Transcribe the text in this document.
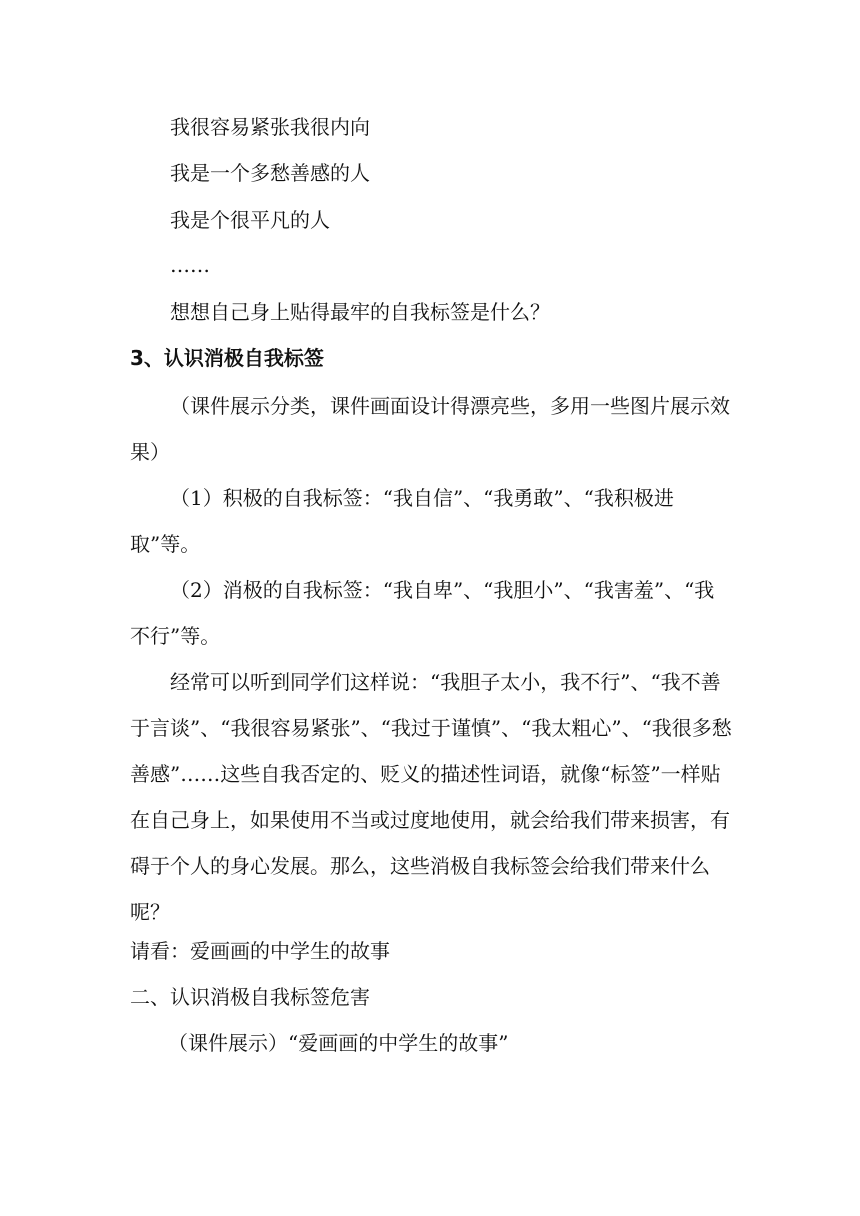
我很容易紧张我很内向
我是一个多愁善感的人
我是个很平凡的人
……
想想自己身上贴得最牢的自我标签是什么？
3、认识消极自我标签
（课件展示分类，课件画面设计得漂亮些，多用一些图片展示效果）
（1）积极的自我标签：“我自信”、“我勇敢”、“我积极进取”等。
（2）消极的自我标签：“我自卑”、“我胆小”、“我害羞”、“我不行”等。
经常可以听到同学们这样说：“我胆子太小，我不行”、“我不善于言谈”、“我很容易紧张”、“我过于谨慎”、“我太粗心”、“我很多愁善感”……这些自我否定的、贬义的描述性词语，就像“标签”一样贴在自己身上，如果使用不当或过度地使用，就会给我们带来损害，有碍于个人的身心发展。那么，这些消极自我标签会给我们带来什么呢？
请看：爱画画的中学生的故事
二、认识消极自我标签危害
（课件展示）“爱画画的中学生的故事”
